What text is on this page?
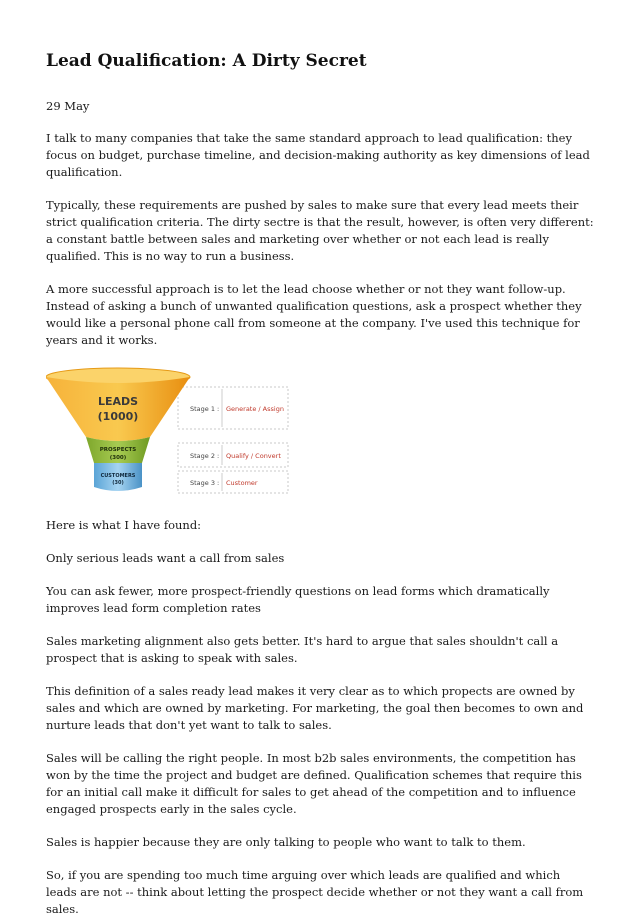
Lead Qualification: A Dirty Secret
29 May

I talk to many companies that take the same standard approach to lead qualification: they focus on budget, purchase timeline, and decision-making authority as key dimensions of lead qualification.

Typically, these requirements are pushed by sales to make sure that every lead meets their strict qualification criteria. The dirty sectre is that the result, however, is often very different: a constant battle between sales and marketing over whether or not each lead is really qualified. This is no way to run a business.

A more successful approach is to let the lead choose whether or not they want follow-up. Instead of asking a bunch of unwanted qualification questions, ask a prospect whether they would like a personal phone call from someone at the company. I've used this technique for years and it works.

LEADS
(1000)
PROSPECTS
(300)
CUSTOMERS
(30)
Stage 1 : Generate / Assign
Stage 2 : Qualify / Convert
Stage 3 : Customer

Here is what I have found:

Only serious leads want a call from sales

You can ask fewer, more prospect-friendly questions on lead forms which dramatically improves lead form completion rates

Sales marketing alignment also gets better. It's hard to argue that sales shouldn't call a prospect that is asking to speak with sales.

This definition of a sales ready lead makes it very clear as to which propects are owned by sales and which are owned by marketing. For marketing, the goal then becomes to own and nurture leads that don't yet want to talk to sales.

Sales will be calling the right people. In most b2b sales environments, the competition has won by the time the project and budget are defined. Qualification schemes that require this for an initial call make it difficult for sales to get ahead of the competition and to influence engaged prospects early in the sales cycle.

Sales is happier because they are only talking to people who want to talk to them.

So, if you are spending too much time arguing over which leads are qualified and which leads are not -- think about letting the prospect decide whether or not they want a call from sales.
